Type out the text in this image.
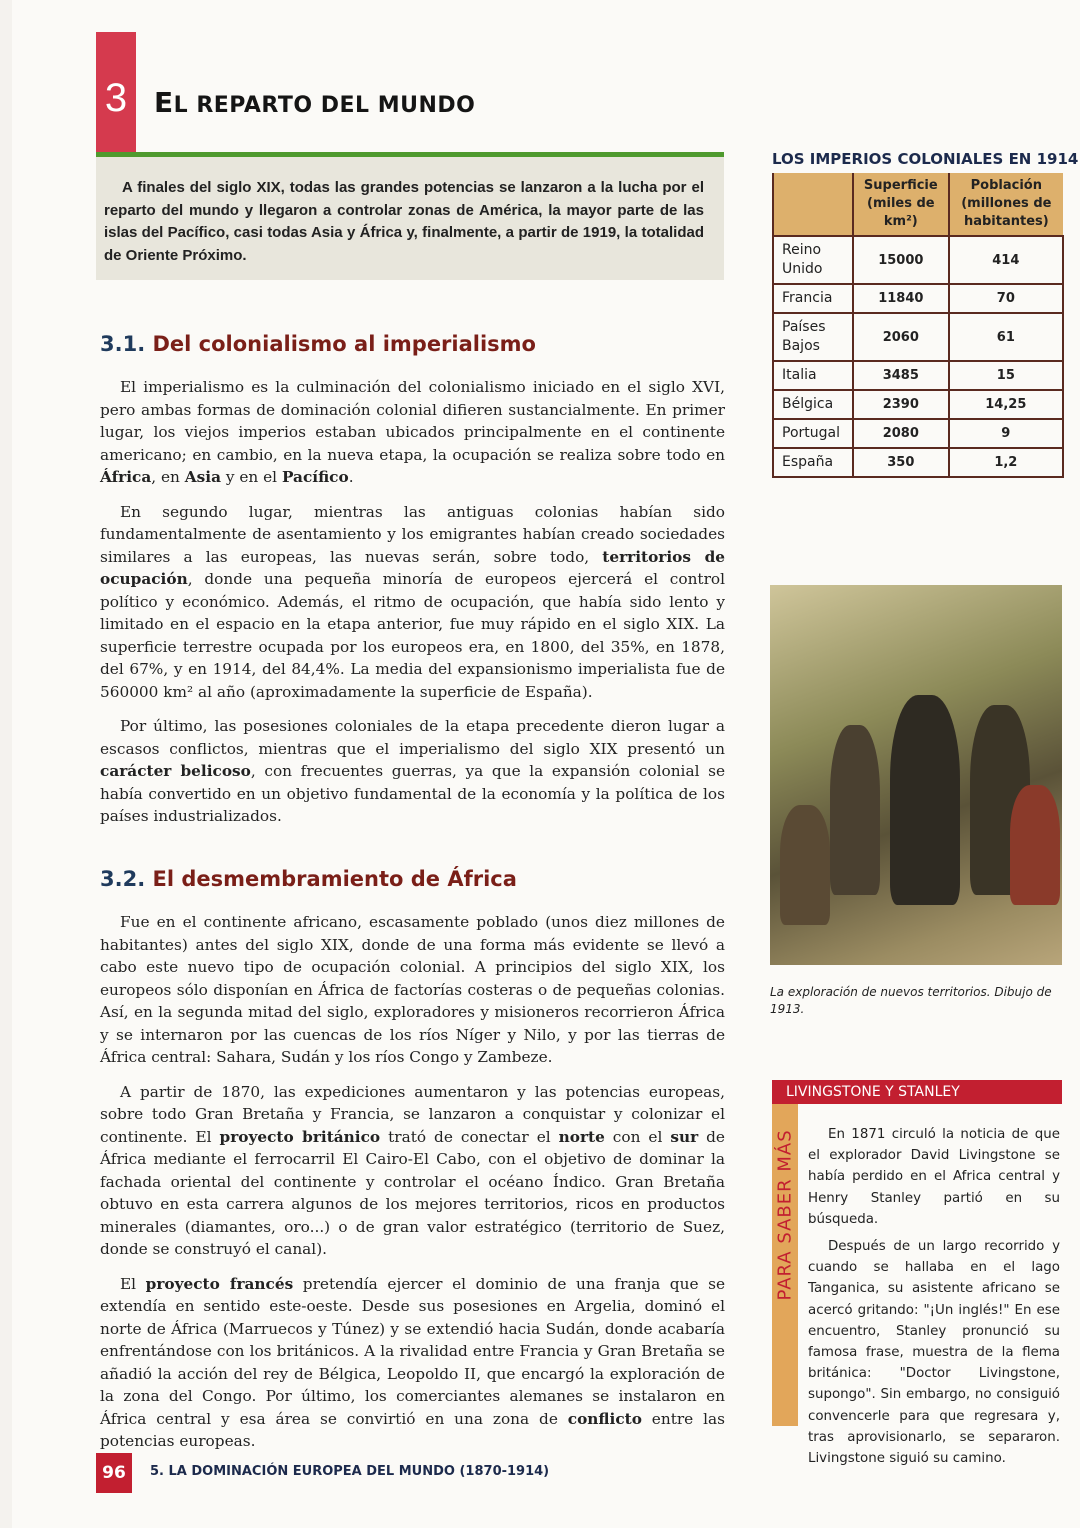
3 EL REPARTO DEL MUNDO
A finales del siglo XIX, todas las grandes potencias se lanzaron a la lucha por el reparto del mundo y llegaron a controlar zonas de América, la mayor parte de las islas del Pacífico, casi todas Asia y África y, finalmente, a partir de 1919, la totalidad de Oriente Próximo.
3.1. Del colonialismo al imperialismo

El imperialismo es la culminación del colonialismo iniciado en el siglo XVI, pero ambas formas de dominación colonial difieren sustancialmente. En primer lugar, los viejos imperios estaban ubicados principalmente en el continente americano; en cambio, en la nueva etapa, la ocupación se realiza sobre todo en África, en Asia y en el Pacífico.

En segundo lugar, mientras las antiguas colonias habían sido fundamentalmente de asentamiento y los emigrantes habían creado sociedades similares a las europeas, las nuevas serán, sobre todo, territorios de ocupación, donde una pequeña minoría de europeos ejercerá el control político y económico. Además, el ritmo de ocupación, que había sido lento y limitado en el espacio en la etapa anterior, fue muy rápido en el siglo XIX. La superficie terrestre ocupada por los europeos era, en 1800, del 35%, en 1878, del 67%, y en 1914, del 84,4%. La media del expansionismo imperialista fue de 560000 km² al año (aproximadamente la superficie de España).

Por último, las posesiones coloniales de la etapa precedente dieron lugar a escasos conflictos, mientras que el imperialismo del siglo XIX presentó un carácter belicoso, con frecuentes guerras, ya que la expansión colonial se había convertido en un objetivo fundamental de la economía y la política de los países industrializados.

3.2. El desmembramiento de África

Fue en el continente africano, escasamente poblado (unos diez millones de habitantes) antes del siglo XIX, donde de una forma más evidente se llevó a cabo este nuevo tipo de ocupación colonial. A principios del siglo XIX, los europeos sólo disponían en África de factorías costeras o de pequeñas colonias. Así, en la segunda mitad del siglo, exploradores y misioneros recorrieron África y se internaron por las cuencas de los ríos Níger y Nilo, y por las tierras de África central: Sahara, Sudán y los ríos Congo y Zambeze.

A partir de 1870, las expediciones aumentaron y las potencias europeas, sobre todo Gran Bretaña y Francia, se lanzaron a conquistar y colonizar el continente. El proyecto británico trató de conectar el norte con el sur de África mediante el ferrocarril El Cairo-El Cabo, con el objetivo de dominar la fachada oriental del continente y controlar el océano Índico. Gran Bretaña obtuvo en esta carrera algunos de los mejores territorios, ricos en productos minerales (diamantes, oro...) o de gran valor estratégico (territorio de Suez, donde se construyó el canal).

El proyecto francés pretendía ejercer el dominio de una franja que se extendía en sentido este-oeste. Desde sus posesiones en Argelia, dominó el norte de África (Marruecos y Túnez) y se extendió hacia Sudán, donde acabaría enfrentándose con los británicos. A la rivalidad entre Francia y Gran Bretaña se añadió la acción del rey de Bélgica, Leopoldo II, que encargó la exploración de la zona del Congo. Por último, los comerciantes alemanes se instalaron en África central y esa área se convirtió en una zona de conflicto entre las potencias europeas.

LOS IMPERIOS COLONIALES EN 1914
	Superficie (miles de km²)	Población (millones de habitantes)
Reino Unido	15000	414
Francia	11840	70
Países Bajos	2060	61
Italia	3485	15
Bélgica	2390	14,25
Portugal	2080	9
España	350	1,2
La exploración de nuevos territorios. Dibujo de 1913.
LIVINGSTONE Y STANLEY

En 1871 circuló la noticia de que el explorador David Livingstone se había perdido en el Africa central y Henry Stanley partió en su búsqueda.

Después de un largo recorrido y cuando se hallaba en el lago Tanganica, su asistente africano se acercó gritando: "¡Un inglés!" En ese encuentro, Stanley pronunció su famosa frase, muestra de la flema británica: "Doctor Livingstone, supongo". Sin embargo, no consiguió convencerle para que regresara y, tras aprovisionarlo, se separaron. Livingstone siguió su camino.

96	5. LA DOMINACIÓN EUROPEA DEL MUNDO (1870-1914)
